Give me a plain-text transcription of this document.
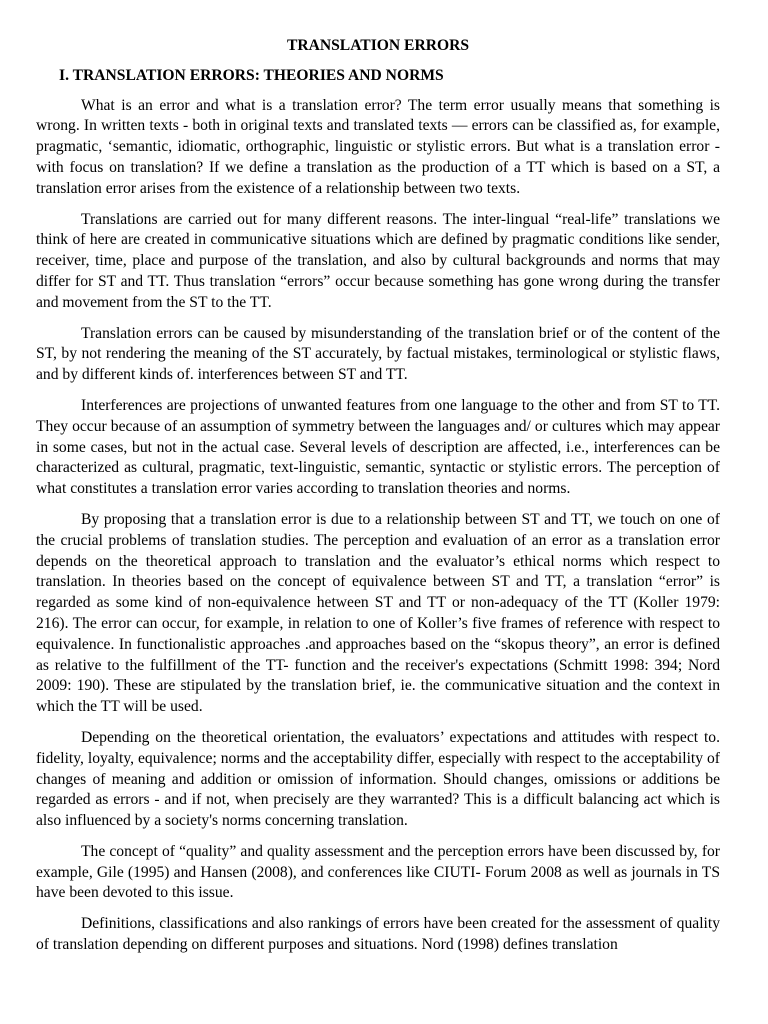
TRANSLATION ERRORS
I. TRANSLATION ERRORS: THEORIES AND NORMS

What is an error and what is a translation error? The term error usually means that something is wrong. In written texts - both in original texts and translated texts — errors can be classified as, for example, pragmatic, ‘semantic, idiomatic, orthographic, linguistic or stylistic errors. But what is a translation error - with focus on translation? If we define a translation as the production of a TT which is based on a ST, a translation error arises from the existence of a relationship between two texts.

Translations are carried out for many different reasons. The inter-lingual “real-life” translations we think of here are created in communicative situations which are defined by pragmatic conditions like sender, receiver, time, place and purpose of the translation, and also by cultural backgrounds and norms that may differ for ST and TT. Thus translation “errors” occur because something has gone wrong during the transfer and movement from the ST to the TT.

Translation errors can be caused by misunderstanding of the translation brief or of the content of the ST, by not rendering the meaning of the ST accurately, by factual mistakes, terminological or stylistic flaws, and by different kinds of. interferences between ST and TT.

Interferences are projections of unwanted features from one language to the other and from ST to TT. They occur because of an assumption of symmetry between the languages and/ or cultures which may appear in some cases, but not in the actual case. Several levels of description are affected, i.e., interferences can be characterized as cultural, pragmatic, text-linguistic, semantic, syntactic or stylistic errors. The perception of what constitutes a translation error varies according to translation theories and norms.

By proposing that a translation error is due to a relationship between ST and TT, we touch on one of the crucial problems of translation studies. The perception and evaluation of an error as a translation error depends on the theoretical approach to translation and the evaluator’s ethical norms which respect to translation. In theories based on the concept of equivalence between ST and TT, a translation “error” is regarded as some kind of non-equivalence hetween ST and TT or non-adequacy of the TT (Koller 1979: 216). The error can occur, for example, in relation to one of Koller’s five frames of reference with respect to equivalence. In functionalistic approaches .and approaches based on the “skopus theory”, an error is defined as relative to the fulfillment of the TT- function and the receiver's expectations (Schmitt 1998: 394; Nord 2009: 190). These are stipulated by the translation brief, ie. the communicative situation and the context in which the TT will be used.

Depending on the theoretical orientation, the evaluators’ expectations and attitudes with respect to. fidelity, loyalty, equivalence; norms and the acceptability differ, especially with respect to the acceptability of changes of meaning and addition or omission of information. Should changes, omissions or additions be regarded as errors - and if not, when precisely are they warranted? This is a difficult balancing act which is also influenced by a society's norms concerning translation.

The concept of “quality” and quality assessment and the perception errors have been discussed by, for example, Gile (1995) and Hansen (2008), and conferences like CIUTI- Forum 2008 as well as journals in TS have been devoted to this issue.

Definitions, classifications and also rankings of errors have been created for the assessment of quality of translation depending on different purposes and situations. Nord (1998) defines translation
